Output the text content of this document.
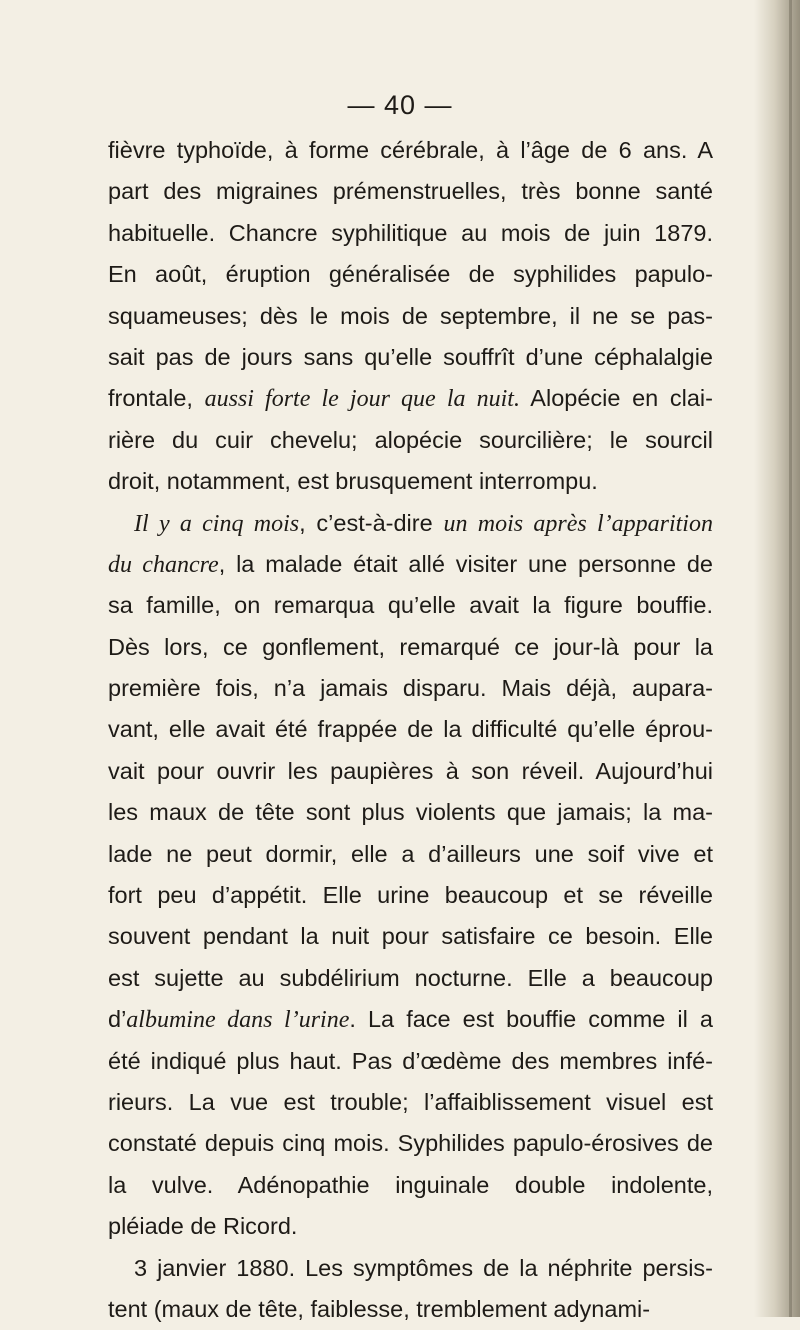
— 40 —
fièvre typhoïde, à forme cérébrale, à l’âge de 6 ans. A
part des migraines prémenstruelles, très bonne santé
habituelle. Chancre syphilitique au mois de juin 1879.
En août, éruption généralisée de syphilides papulo-
squameuses; dès le mois de septembre, il ne se pas-
sait pas de jours sans qu’elle souffrît d’une céphalalgie
frontale, aussi forte le jour que la nuit. Alopécie en clai-
rière du cuir chevelu; alopécie sourcilière; le sourcil
droit, notamment, est brusquement interrompu.
Il y a cinq mois, c’est-à-dire un mois après l’apparition
du chancre, la malade était allé visiter une personne de
sa famille, on remarqua qu’elle avait la figure bouffie.
Dès lors, ce gonflement, remarqué ce jour-là pour la
première fois, n’a jamais disparu. Mais déjà, aupara-
vant, elle avait été frappée de la difficulté qu’elle éprou-
vait pour ouvrir les paupières à son réveil. Aujourd’hui
les maux de tête sont plus violents que jamais; la ma-
lade ne peut dormir, elle a d’ailleurs une soif vive et
fort peu d’appétit. Elle urine beaucoup et se réveille
souvent pendant la nuit pour satisfaire ce besoin. Elle
est sujette au subdélirium nocturne. Elle a beaucoup
d’albumine dans l’urine. La face est bouffie comme il a
été indiqué plus haut. Pas d’œdème des membres infé-
rieurs. La vue est trouble; l’affaiblissement visuel est
constaté depuis cinq mois. Syphilides papulo-érosives de
la vulve. Adénopathie inguinale double indolente,
pléiade de Ricord.
3 janvier 1880. Les symptômes de la néphrite persis-
tent (maux de tête, faiblesse, tremblement adynami-
